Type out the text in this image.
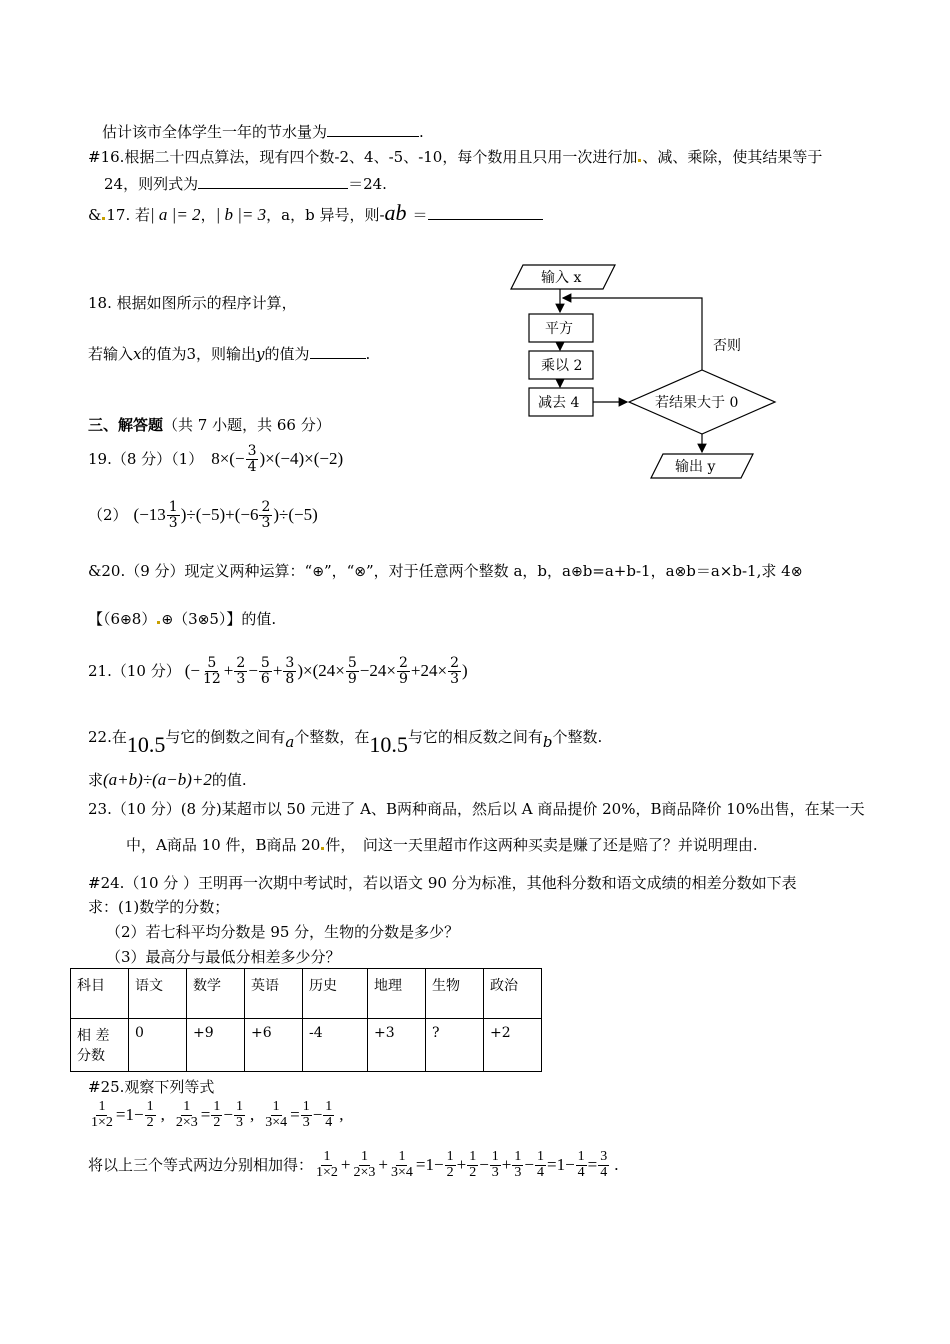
估计该市全体学生一年的节水量为	.
#16.根据二十四点算法，现有四个数-2、4、-5、-10，每个数用且只用一次进行加 、减、乘除，使其结果等于
24，则列式为	＝24.
& 17. 若| a |= 2，| b |= 3，a，b 异号，则-ab ＝
18. 根据如图所示的程序计算，
若输入x的值为3，则输出y的值为	.
输入 x
平方
乘以 2
减去 4	若结果大于 0
否则
输出 y
三、解答题（共 7 小题，共 66 分）
19.（8 分）（1） $8\times(- \frac{3}{4} )\times(-4)\times(-2)$
（2） $(-13 \frac{1}{3} )\div(-5)+(-6 \frac{2}{3} )\div(-5)$
&20.（9 分）现定义两种运算：“⊕”，“⊗”，对于任意两个整数 a，b，a⊕b=a+b-1，a⊗b＝a×b-1,求 4⊗
【（6⊕8） ⊕（3⊗5）】的值.
21.（10 分） (− $\frac{5}{12} + \frac{2}{3} - \frac{5}{6} + \frac{3}{8} )\times(24\times \frac{5}{9} -24\times \frac{2}{9} +24\times \frac{2}{3}$ )
22.在10.5与它的倒数之间有a个整数，在10.5与它的相反数之间有b个整数.
求(a+b)÷(a−b)+2的值.
23.（10 分）(8 分)某超市以 50 元进了 A、B两种商品，然后以 A 商品提价 20%，B商品降价 10%出售，在某一天
中，A商品 10 件，B商品 20 件，　问这一天里超市作这两种买卖是赚了还是赔了？并说明理由.
#24.（10 分 ）王明再一次期中考试时，若以语文 90 分为标准，其他科分数和语文成绩的相差分数如下表
求：(1)数学的分数；
（2）若七科平均分数是 95 分，生物的分数是多少？
（3）最高分与最低分相差多少分？
科目	语文	数学	英语	历史	地理	生物	政治
相 差
分数	0	+9	+6	-4	+3	?	+2
#25.观察下列等式
$\frac{1}{1\times 2} =1- \frac{1}{2}$ , $\frac{1}{2\times 3} = \frac{1}{2} - \frac{1}{3}$ , $\frac{1}{3\times 4} = \frac{1}{3} - \frac{1}{4}$ ,
将以上三个等式两边分别相加得： $\frac{1}{1\times 2} + \frac{1}{2\times 3} + \frac{1}{3\times 4} =1- \frac{1}{2} + \frac{1}{2} - \frac{1}{3} + \frac{1}{3} - \frac{1}{4} =1- \frac{1}{4} = \frac{3}{4}$ .
